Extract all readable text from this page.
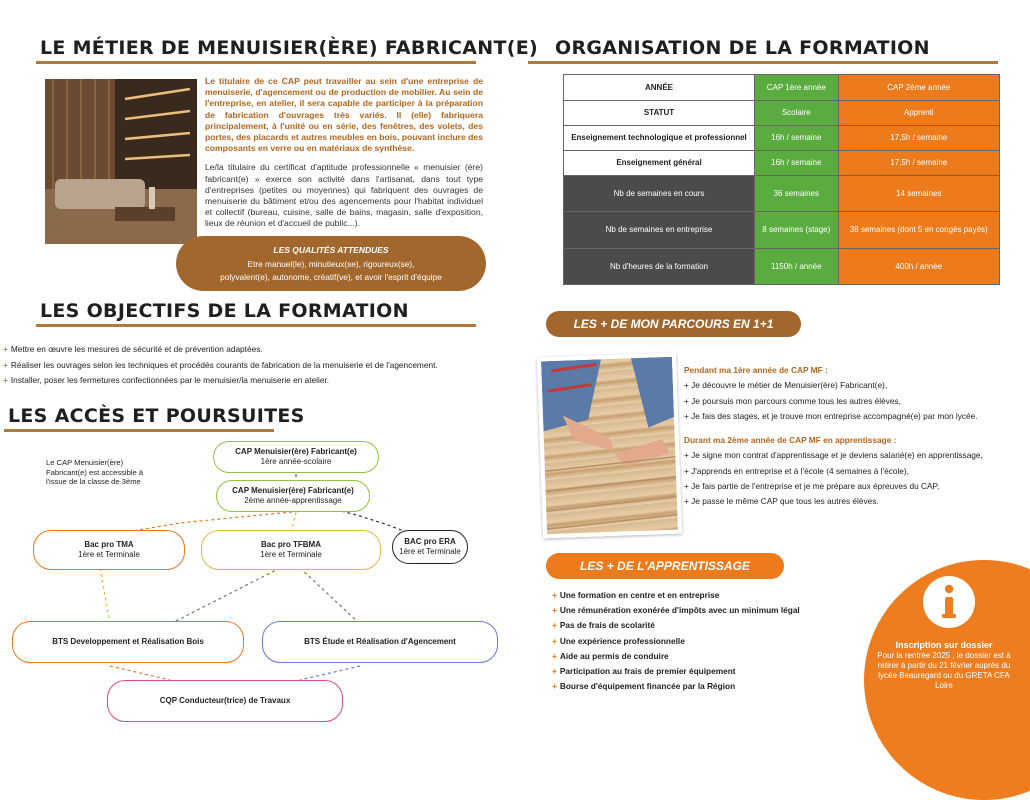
LE MÉTIER DE MENUISIER(ÈRE) FABRICANT(E)

Le titulaire de ce CAP peut travailler au sein d'une entreprise de menuiserie, d'agencement ou de production de mobilier. Au sein de l'entreprise, en atelier, il sera capable de participer à la préparation de fabrication d'ouvrages très variés. Il (elle) fabriquera principalement, à l'unité ou en série, des fenêtres, des volets, des portes, des placards et autres meubles en bois, pouvant inclure des composants en verre ou en matériaux de synthèse.

Le/la titulaire du certificat d'aptitude professionnelle « menuisier (ère) fabricant(e) » exerce son activité dans l'artisanat, dans tout type d'entreprises (petites ou moyennes) qui fabriquent des ouvrages de menuiserie du bâtiment et/ou des agencements pour l'habitat individuel et collectif (bureau, cuisine, salle de bains, magasin, salle d'exposition, lieux de réunion et d'accueil de public...).

LES QUALITÉS ATTENDUES
Etre manuel(le), minutieux(se), rigoureux(se),
polyvalent(e), autonome, créatif(ve), et avoir l'esprit d'équipe
LES OBJECTIFS DE LA FORMATION
+ Mettre en œuvre les mesures de sécurité et de prévention adaptées.
+ Réaliser les ouvrages selon les techniques et procédés courants de fabrication de la menuiserie et de l'agencement.
+ Installer, poser les fermetures confectionnées par le menuisier/la menuiserie en atelier.
LES ACCÈS ET POURSUITES
Le CAP Menuisier(ère) Fabricant(e) est accessible à l'issue de la classe de 3ème
CAP Menuisier(ère) Fabricant(e)
1ère année-scolaire
CAP Menuisier(ère) Fabricant(e)
2ème année-apprentissage
Bac pro TMA
1ère et Terminale
Bac pro TFBMA
1ère et Terminale
BAC pro ERA
1ère et Terminale
BTS Developpement et Réalisation Bois	BTS Étude et Réalisation d'Agencement
CQP Conducteur(trice) de Travaux
ORGANISATION DE LA FORMATION
ANNÉE	CAP 1ère année	CAP 2ème année
STATUT	Scolaire	Apprenti
Enseignement technologique et professionnel	16h / semaine	17,5h / semaine
Enseignement général	16h / semaine	17,5h / semaine
Nb de semaines en cours	36 semaines	14 semaines
Nb de semaines en entreprise	8 semaines (stage)	38 semaines (dont 5 en congés payés)
Nb d'heures de la formation	1150h / année	400h / année
LES + DE MON PARCOURS EN 1+1
Pendant ma 1ère année de CAP MF :
+ Je découvre le métier de Menuisier(ère) Fabricant(e),
+ Je poursuis mon parcours comme tous les autres élèves,
+ Je fais des stages, et je trouve mon entreprise accompagné(e) par mon lycée.
Durant ma 2ème année de CAP MF en apprentissage :
+ Je signe mon contrat d'apprentissage et je deviens salarié(e) en apprentissage,
+ J'apprends en entreprise et à l'école (4 semaines à l'école),
+ Je fais partie de l'entreprise et je me prépare aux épreuves du CAP,
+ Je passe le même CAP que tous les autres élèves.
LES + DE L'APPRENTISSAGE
+ Une formation en centre et en entreprise
+ Une rémunération exonérée d'impôts avec un minimum légal
+ Pas de frais de scolarité
+ Une expérience professionnelle
+ Aide au permis de conduire
+ Participation au frais de premier équipement
+ Bourse d'équipement financée par la Région
Inscription sur dossier
Pour la rentrée 2025 , le dossier est à retirer à partir du 21 février auprès du lycée Beauregard ou du GRETA CFA Loire
